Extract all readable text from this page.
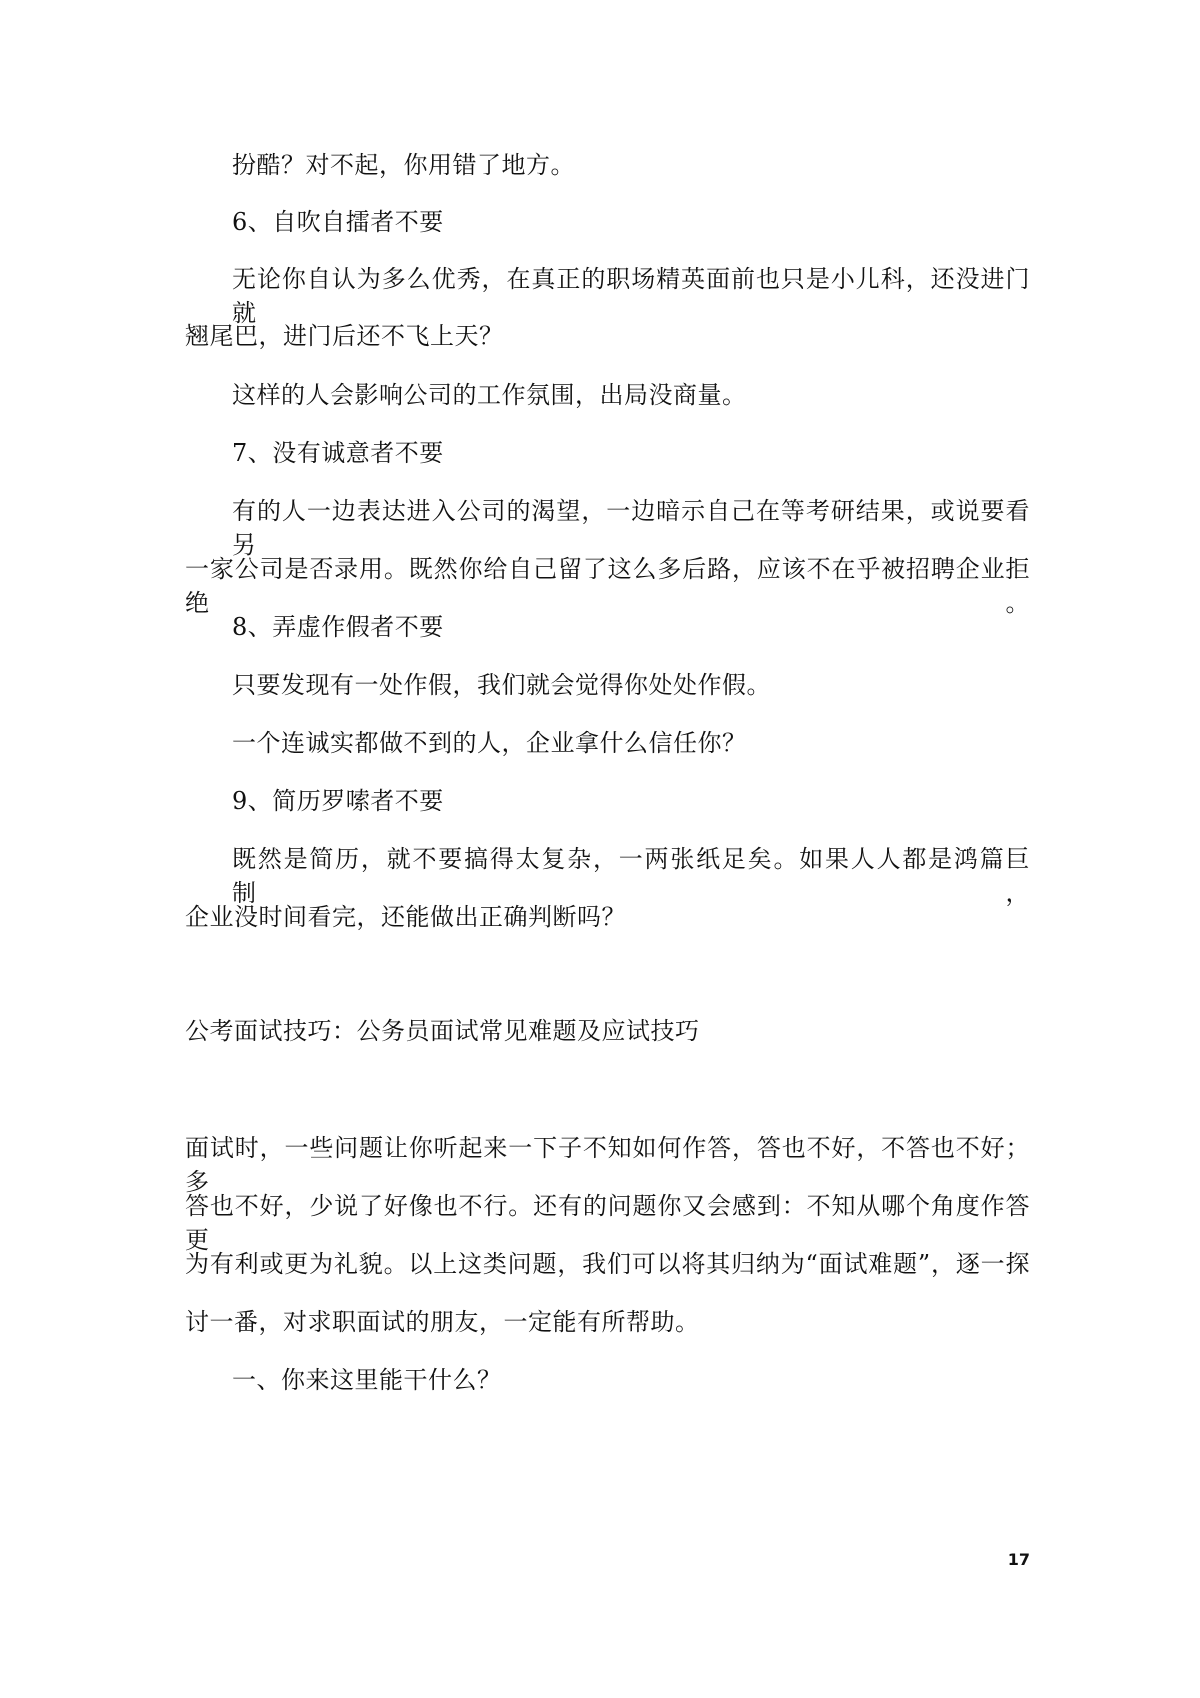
扮酷？对不起，你用错了地方。
6、自吹自擂者不要
无论你自认为多么优秀，在真正的职场精英面前也只是小儿科，还没进门就
翘尾巴，进门后还不飞上天？
这样的人会影响公司的工作氛围，出局没商量。
7、没有诚意者不要
有的人一边表达进入公司的渴望，一边暗示自己在等考研结果，或说要看另
一家公司是否录用。既然你给自己留了这么多后路，应该不在乎被招聘企业拒绝。
8、弄虚作假者不要
只要发现有一处作假，我们就会觉得你处处作假。
一个连诚实都做不到的人，企业拿什么信任你？
9、简历罗嗦者不要
既然是简历，就不要搞得太复杂，一两张纸足矣。如果人人都是鸿篇巨制，
企业没时间看完，还能做出正确判断吗？
公考面试技巧：公务员面试常见难题及应试技巧
面试时，一些问题让你听起来一下子不知如何作答，答也不好，不答也不好；多
答也不好，少说了好像也不行。还有的问题你又会感到：不知从哪个角度作答更
为有利或更为礼貌。以上这类问题，我们可以将其归纳为“面试难题”，逐一探
讨一番，对求职面试的朋友，一定能有所帮助。
一、你来这里能干什么？
17
